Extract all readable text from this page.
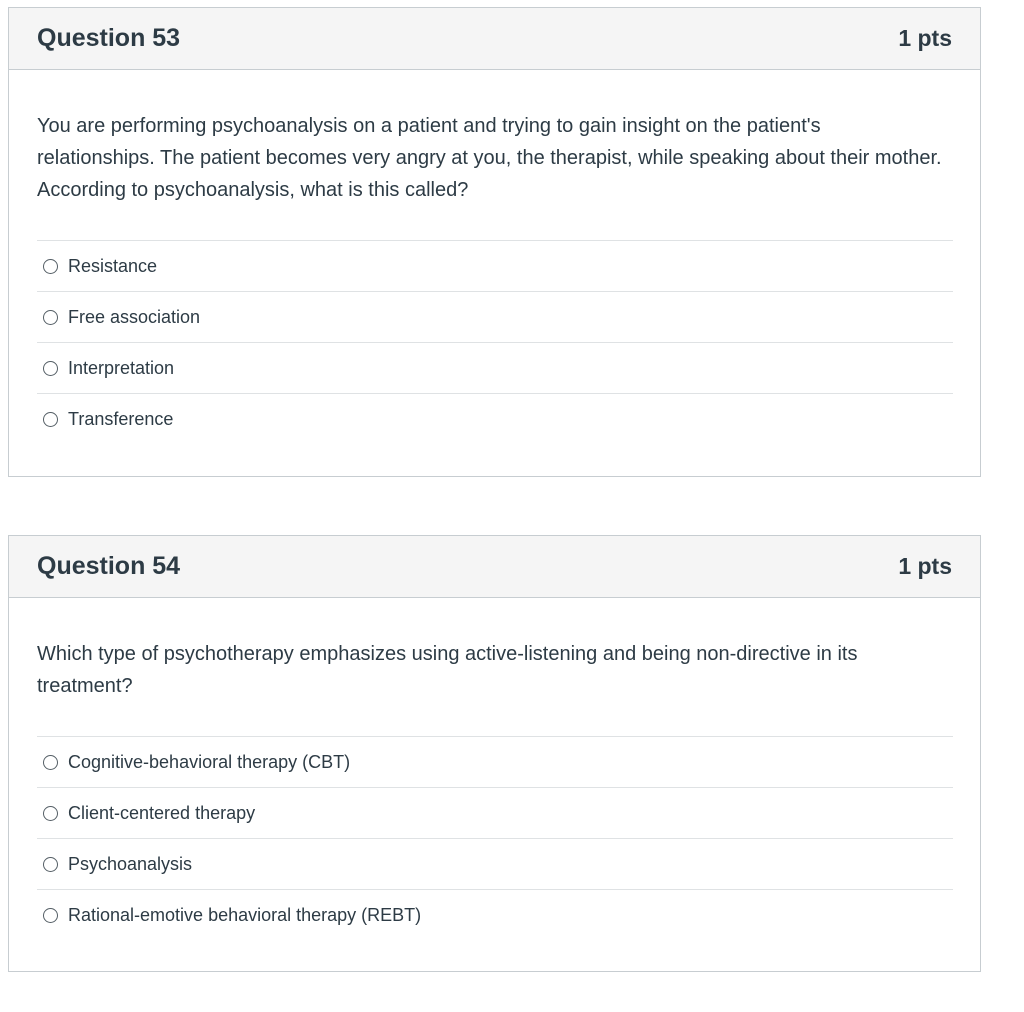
Question 53	1 pts

You are performing psychoanalysis on a patient and trying to gain insight on the patient's relationships. The patient becomes very angry at you, the therapist, while speaking about their mother. According to psychoanalysis, what is this called?

Resistance
Free association
Interpretation
Transference
Question 54	1 pts

Which type of psychotherapy emphasizes using active-listening and being non-directive in its treatment?

Cognitive-behavioral therapy (CBT)
Client-centered therapy
Psychoanalysis
Rational-emotive behavioral therapy (REBT)
